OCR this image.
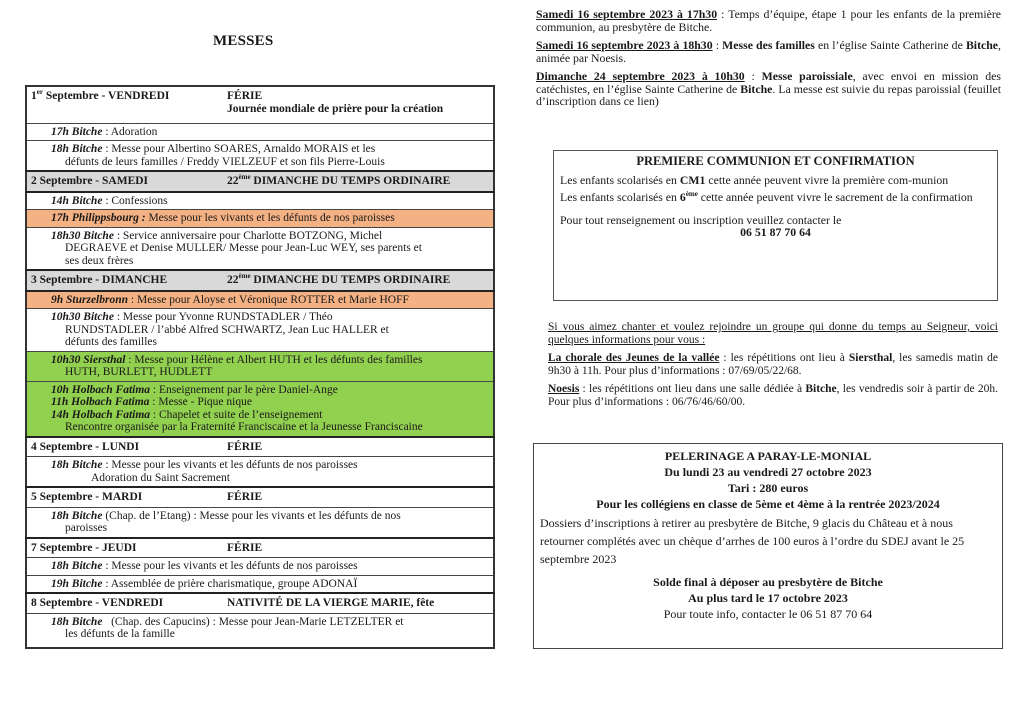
MESSES
1er Septembre - VENDREDI	FÉRIE
Journée mondiale de prière pour la création
17h Bitche : Adoration
18h Bitche : Messe pour Albertino SOARES, Arnaldo MORAIS et les
défunts de leurs familles / Freddy VIELZEUF et son fils Pierre-Louis

2 Septembre - SAMEDI	22ème DIMANCHE DU TEMPS ORDINAIRE
14h Bitche : Confessions
17h Philippsbourg : Messe pour les vivants et les défunts de nos paroisses
18h30 Bitche : Service anniversaire pour Charlotte BOTZONG, Michel
DEGRAEVE et Denise MULLER/ Messe pour Jean-Luc WEY, ses parents et
ses deux frères

3 Septembre - DIMANCHE	22ème DIMANCHE DU TEMPS ORDINAIRE
9h Sturzelbronn : Messe pour Aloyse et Véronique ROTTER et Marie HOFF
10h30 Bitche : Messe pour Yvonne RUNDSTADLER / Théo
RUNDSTADLER / l’abbé Alfred SCHWARTZ, Jean Luc HALLER et
défunts des familles

10h30 Siersthal : Messe pour Hélène et Albert HUTH et les défunts des familles
HUTH, BURLETT, HUDLETT

10h Holbach Fatima : Enseignement par le père Daniel-Ange
11h Holbach Fatima : Messe - Pique nique
14h Holbach Fatima : Chapelet et suite de l’enseignement
Rencontre organisée par la Fraternité Franciscaine et la Jeunesse Franciscaine

4 Septembre - LUNDI	FÉRIE
18h Bitche : Messe pour les vivants et les défunts de nos paroisses
Adoration du Saint Sacrement

5 Septembre - MARDI	FÉRIE
18h Bitche (Chap. de l’Etang) : Messe pour les vivants et les défunts de nos
paroisses

7 Septembre - JEUDI	FÉRIE
18h Bitche : Messe pour les vivants et les défunts de nos paroisses
19h Bitche : Assemblée de prière charismatique, groupe ADONAÏ
8 Septembre - VENDREDI	NATIVITÉ DE LA VIERGE MARIE, fête
18h Bitche   (Chap. des Capucins) : Messe pour Jean-Marie LETZELTER et
les défunts de la famille

Samedi 16 septembre 2023 à 17h30 : Temps d’équipe, étape 1 pour les enfants de la première communion, au presbytère de Bitche.

Samedi 16 septembre 2023 à 18h30 : Messe des familles en l’église Sainte Catherine de Bitche, animée par Noesis.

Dimanche 24 septembre 2023 à 10h30 : Messe paroissiale, avec envoi en mission des catéchistes, en l’église Sainte Catherine de Bitche. La messe est suivie du repas paroissial (feuillet d’inscription dans ce lien)

PREMIERE COMMUNION ET CONFIRMATION

Les enfants scolarisés en CM1 cette année peuvent vivre la première com-munion

Les enfants scolarisés en 6ème cette année peuvent vivre le sacrement de la confirmation

Pour tout renseignement ou inscription veuillez contacter le

06 51 87 70 64

Si vous aimez chanter et voulez rejoindre un groupe qui donne du temps au Seigneur, voici quelques informations pour vous :

La chorale des Jeunes de la vallée : les répétitions ont lieu à Siersthal, les samedis matin de 9h30 à 11h. Pour plus d’informations : 07/69/05/22/68.

Noesis : les répétitions ont lieu dans une salle dédiée à Bitche, les vendredis soir à partir de 20h. Pour plus d’informations : 06/76/46/60/00.

PELERINAGE A PARAY-LE-MONIAL
Du lundi 23 au vendredi 27 octobre 2023
Tari : 280 euros
Pour les collégiens en classe de 5ème et 4ème à la rentrée 2023/2024
Dossiers d’inscriptions à retirer au presbytère de Bitche, 9 glacis du Château et à nous retourner complétés avec un chèque d’arrhes de 100 euros à l’ordre du SDEJ avant le 25 septembre 2023
Solde final à déposer au presbytère de Bitche
Au plus tard le 17 octobre 2023
Pour toute info, contacter le 06 51 87 70 64
